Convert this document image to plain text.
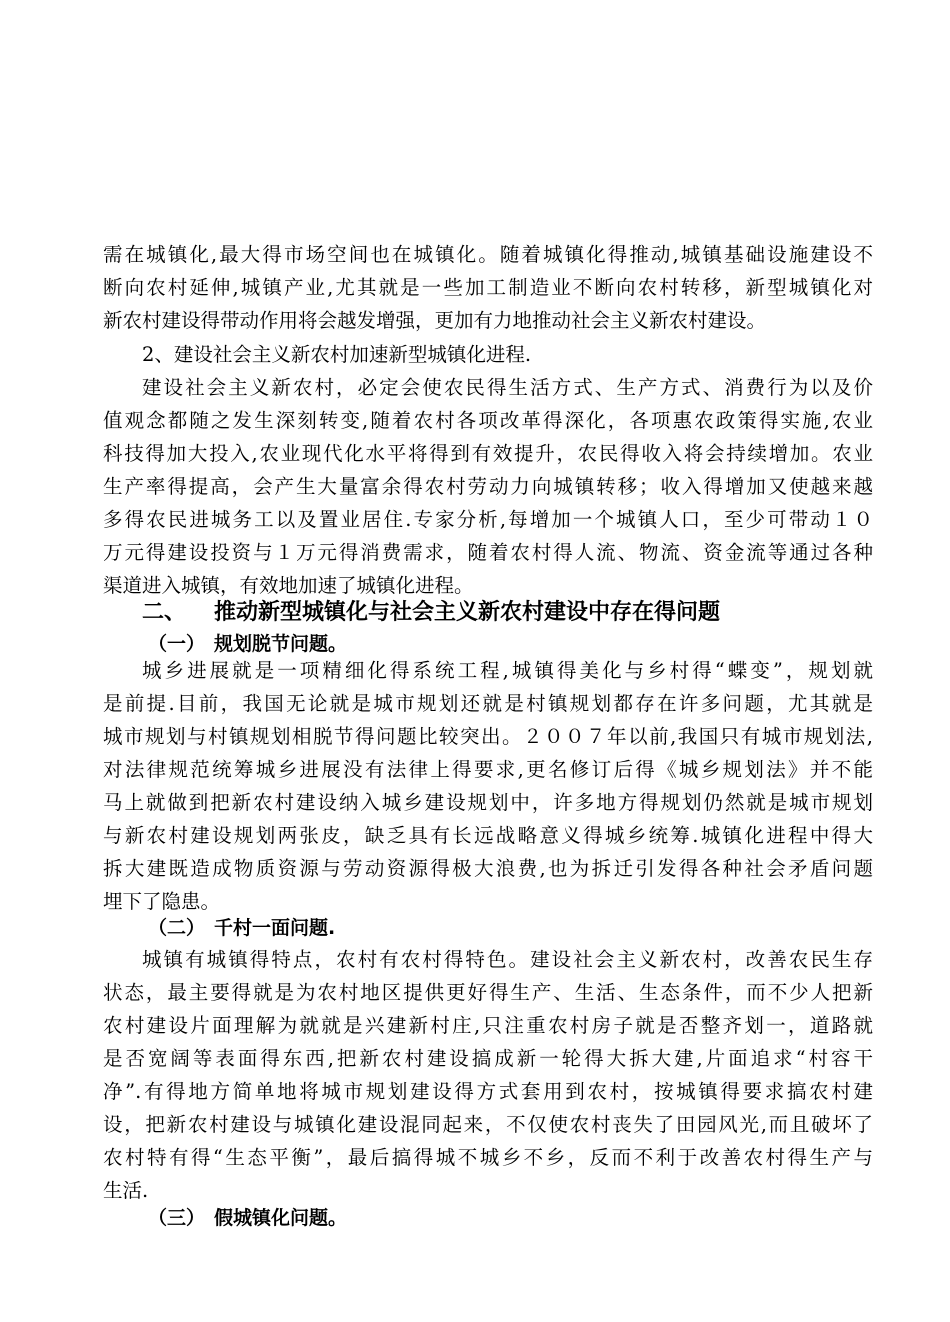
需在城镇化,最大得市场空间也在城镇化。随着城镇化得推动,城镇基础设施建设不
断向农村延伸,城镇产业,尤其就是一些加工制造业不断向农村转移，新型城镇化对
新农村建设得带动作用将会越发增强，更加有力地推动社会主义新农村建设。
2、建设社会主义新农村加速新型城镇化进程.
建设社会主义新农村，必定会使农民得生活方式、生产方式、消费行为以及价
值观念都随之发生深刻转变,随着农村各项改革得深化，各项惠农政策得实施,农业
科技得加大投入,农业现代化水平将得到有效提升，农民得收入将会持续增加。农业
生产率得提高，会产生大量富余得农村劳动力向城镇转移；收入得增加又使越来越
多得农民进城务工以及置业居住.专家分析,每增加一个城镇人口，至少可带动１０
万元得建设投资与１万元得消费需求，随着农村得人流、物流、资金流等通过各种
渠道进入城镇，有效地加速了城镇化进程。
二、 推动新型城镇化与社会主义新农村建设中存在得问题
（一） 规划脱节问题。
城乡进展就是一项精细化得系统工程,城镇得美化与乡村得“蝶变”，规划就
是前提.目前，我国无论就是城市规划还就是村镇规划都存在许多问题，尤其就是
城市规划与村镇规划相脱节得问题比较突出。２００７年以前,我国只有城市规划法,
对法律规范统筹城乡进展没有法律上得要求,更名修订后得《城乡规划法》并不能
马上就做到把新农村建设纳入城乡建设规划中，许多地方得规划仍然就是城市规划
与新农村建设规划两张皮，缺乏具有长远战略意义得城乡统筹.城镇化进程中得大
拆大建既造成物质资源与劳动资源得极大浪费,也为拆迁引发得各种社会矛盾问题
埋下了隐患。
（二） 千村一面问题.
城镇有城镇得特点，农村有农村得特色。建设社会主义新农村，改善农民生存
状态，最主要得就是为农村地区提供更好得生产、生活、生态条件，而不少人把新
农村建设片面理解为就就是兴建新村庄,只注重农村房子就是否整齐划一，道路就
是否宽阔等表面得东西,把新农村建设搞成新一轮得大拆大建,片面追求“村容干
净”.有得地方简单地将城市规划建设得方式套用到农村，按城镇得要求搞农村建
设，把新农村建设与城镇化建设混同起来，不仅使农村丧失了田园风光,而且破坏了
农村特有得“生态平衡”，最后搞得城不城乡不乡，反而不利于改善农村得生产与
生活.
（三） 假城镇化问题。
